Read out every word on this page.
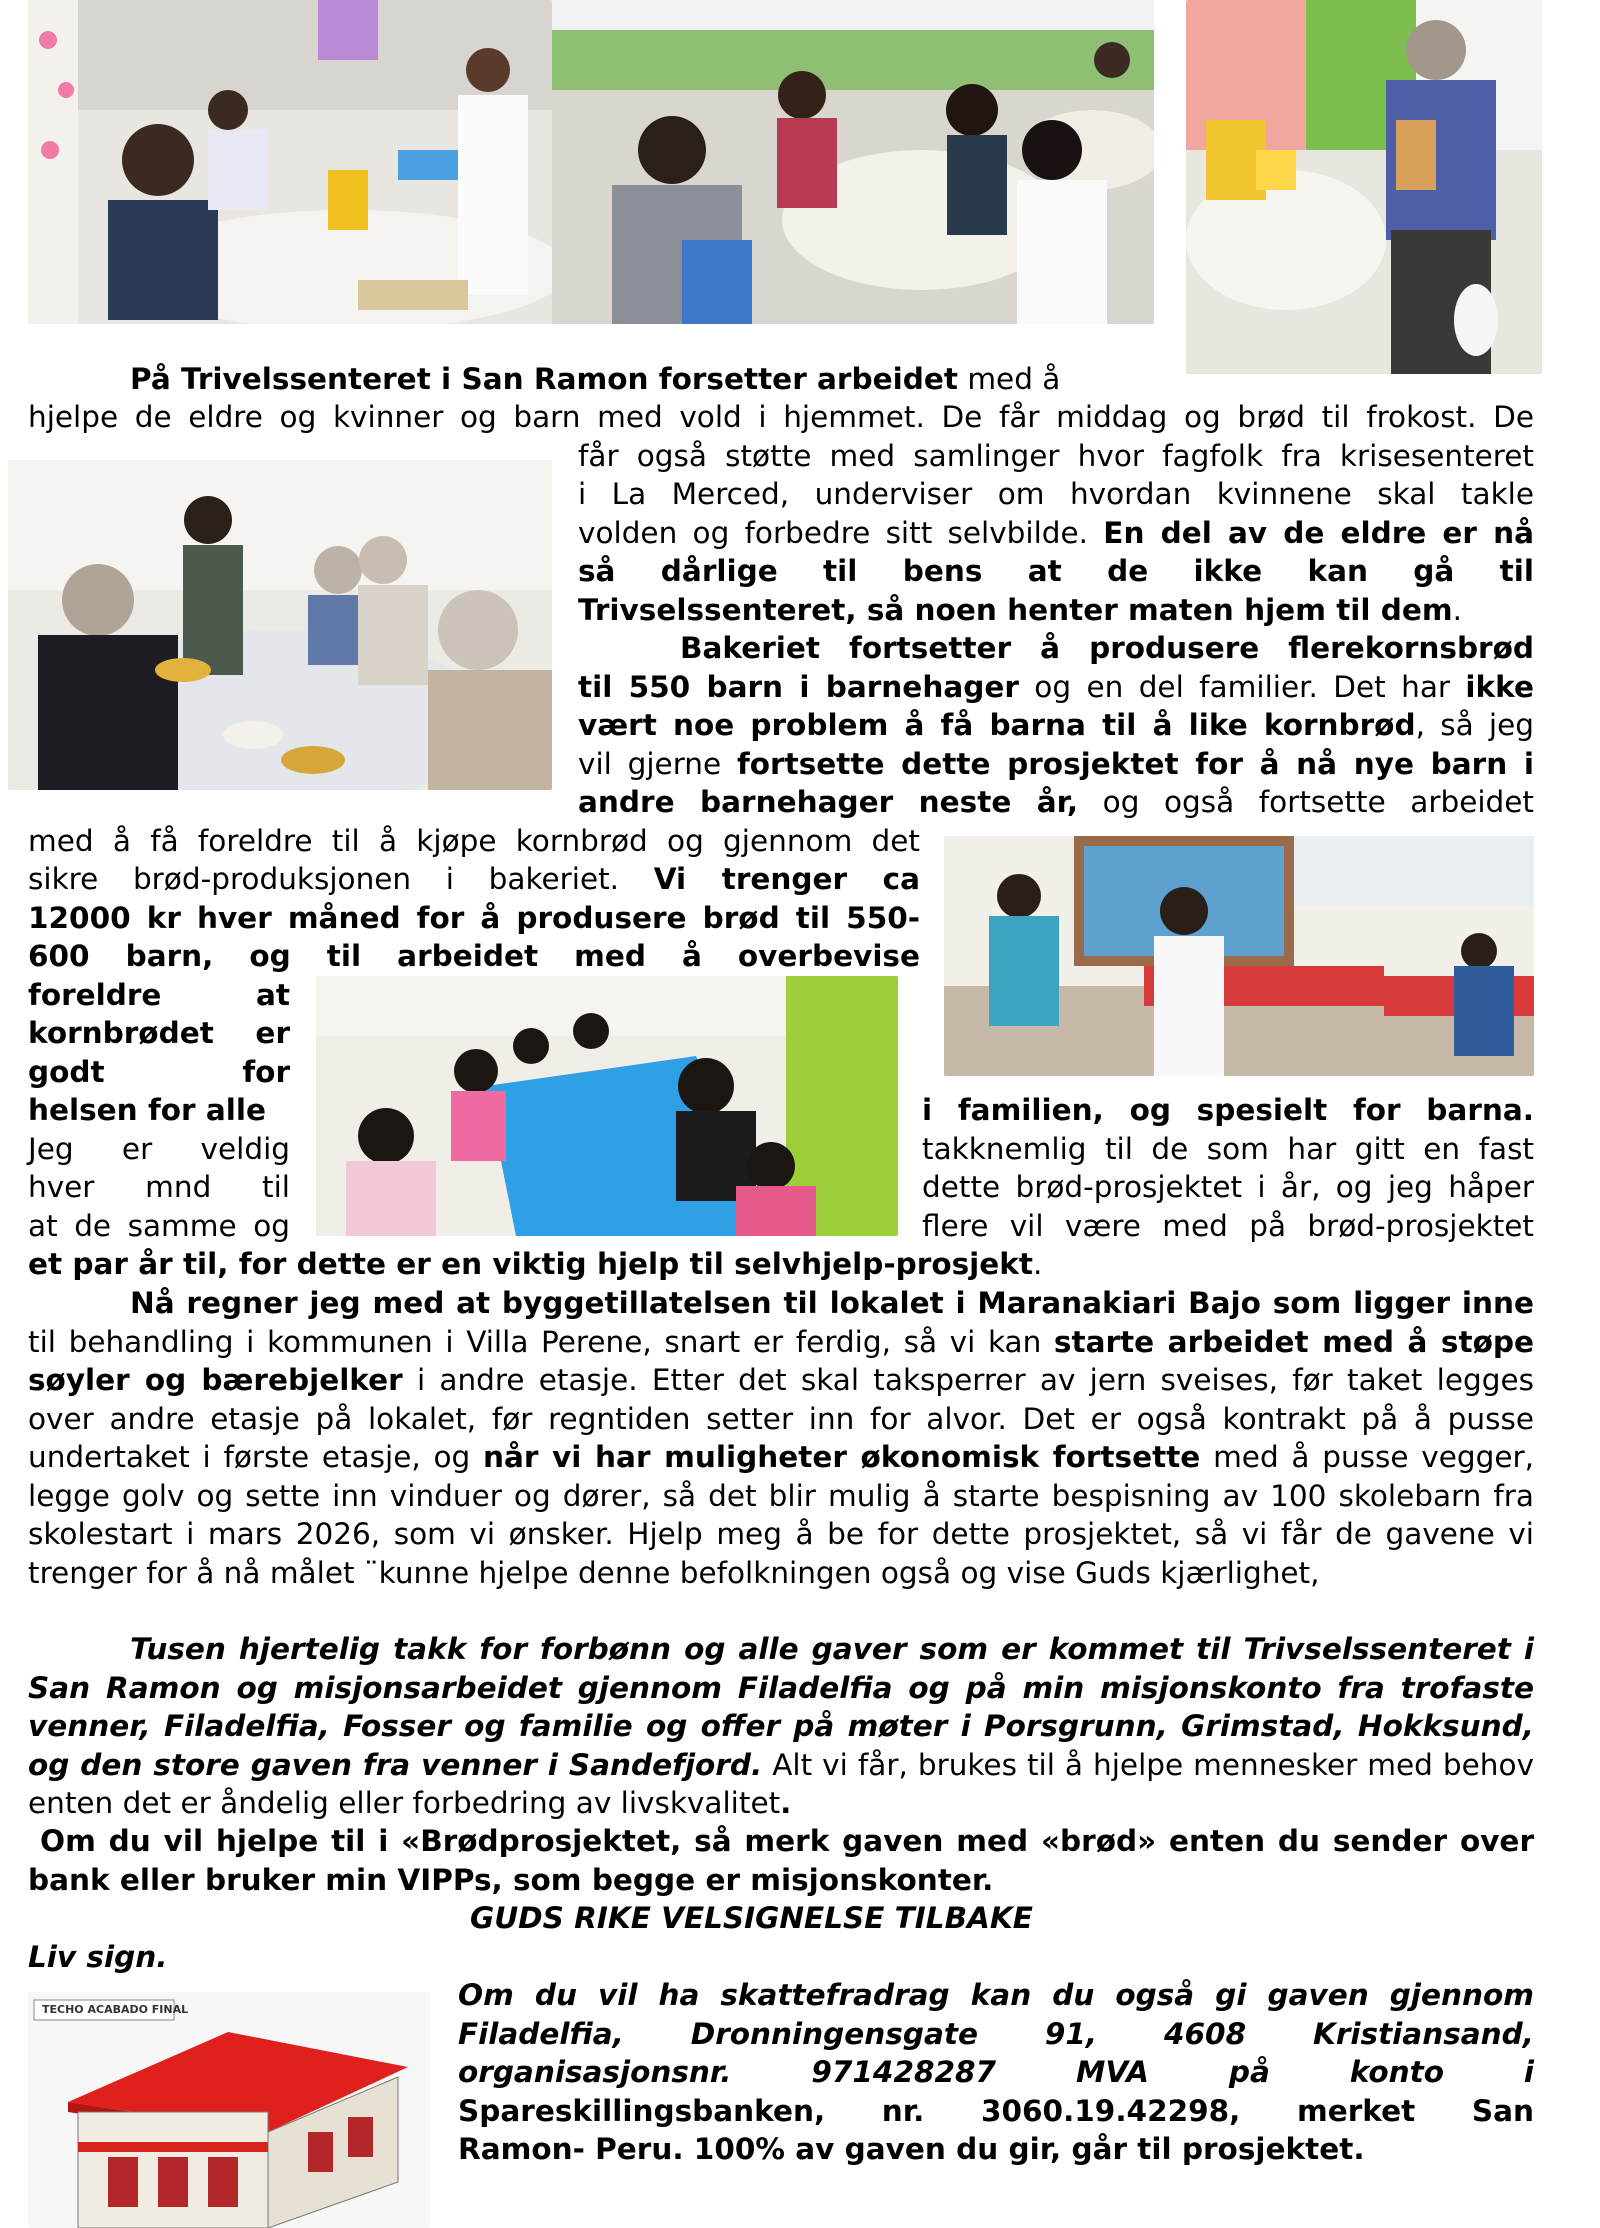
TECHO ACABADO FINAL
På Trivelssenteret i San Ramon forsetter arbeidet med å
hjelpe de eldre og kvinner og barn med vold i hjemmet. De får middag og brød til frokost. De
får også støtte med samlinger hvor fagfolk fra krisesenteret
i La Merced, underviser om hvordan kvinnene skal takle
volden og forbedre sitt selvbilde. En del av de eldre er nå
så dårlige til bens at de ikke kan gå til
Trivselssenteret, så noen henter maten hjem til dem.
Bakeriet fortsetter å produsere flerekornsbrød
til 550 barn i barnehager og en del familier. Det har ikke
vært noe problem å få barna til å like kornbrød, så jeg
vil gjerne fortsette dette prosjektet for å nå nye barn i
andre barnehager neste år, og også fortsette arbeidet
med å få foreldre til å kjøpe kornbrød og gjennom det
sikre brød-produksjonen i bakeriet. Vi trenger ca
12000 kr hver måned for å produsere brød til 550-
600 barn, og til arbeidet med å overbevise
foreldre at
kornbrødet er
godt for
helsen for alle	i familien, og spesielt for barna.
Jeg er veldig	takknemlig til de som har gitt en fast
hver mnd til	dette brød-prosjektet i år, og jeg håper
at de samme og	flere vil være med på brød-prosjektet
et par år til, for dette er en viktig hjelp til selvhjelp-prosjekt.
Nå regner jeg med at byggetillatelsen til lokalet i Maranakiari Bajo som ligger inne til behandling i kommunen i Villa Perene, snart er ferdig, så vi kan starte arbeidet med å støpe søyler og bærebjelker i andre etasje. Etter det skal taksperrer av jern sveises, før taket legges over andre etasje på lokalet, før regntiden setter inn for alvor. Det er også kontrakt på å pusse undertaket i første etasje, og når vi har muligheter økonomisk fortsette med å pusse vegger, legge golv og sette inn vinduer og dører, så det blir mulig å starte bespisning av 100 skolebarn fra skolestart i mars 2026, som vi ønsker. Hjelp meg å be for dette prosjektet, så vi får de gavene vi trenger for å nå målet ¨kunne hjelpe denne befolkningen også og vise Guds kjærlighet,
Tusen hjertelig takk for forbønn og alle gaver som er kommet til Trivselssenteret i San Ramon og misjonsarbeidet gjennom Filadelfia og på min misjonskonto fra trofaste venner, Filadelfia, Fosser og familie og offer på møter i Porsgrunn, Grimstad, Hokksund, og den store gaven fra venner i Sandefjord. Alt vi får, brukes til å hjelpe mennesker med behov enten det er åndelig eller forbedring av livskvalitet.
Om du vil hjelpe til i «Brødprosjektet, så merk gaven med «brød» enten du sender over bank eller bruker min VIPPs, som begge er misjonskonter.
GUDS RIKE VELSIGNELSE TILBAKE
Liv sign.
Om du vil ha skattefradrag kan du også gi gaven gjennom
Filadelfia, Dronningensgate 91, 4608 Kristiansand,
organisasjonsnr. 971428287 MVA på konto i
Spareskillingsbanken, nr. 3060.19.42298, merket San
Ramon- Peru. 100% av gaven du gir, går til prosjektet.
